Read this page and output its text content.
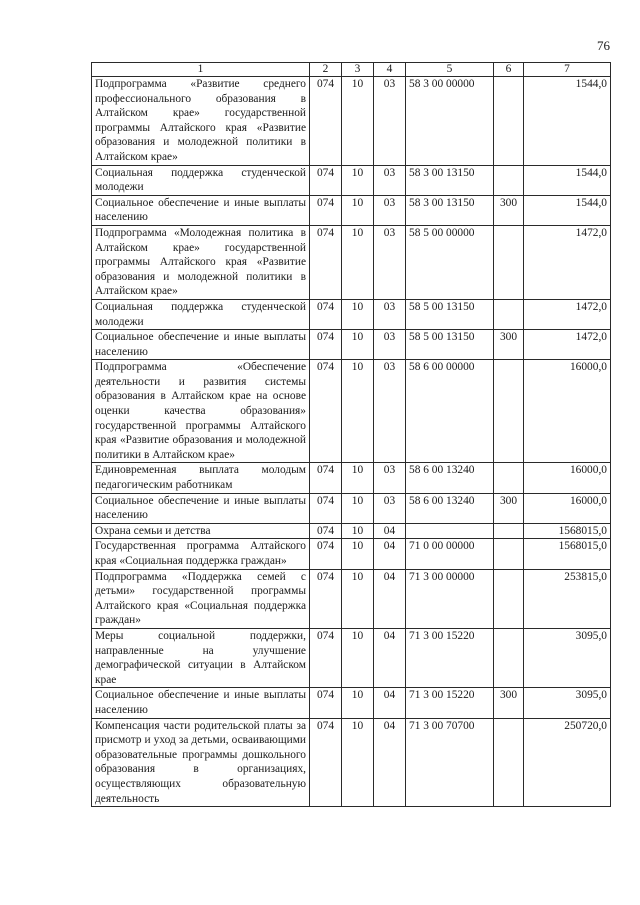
76
1	2	3	4	5	6	7
Подпрограмма «Развитие среднего профессионального образования в Алтайском крае» государственной программы Алтайского края «Развитие образования и молодежной политики в Алтайском крае»	074	10	03	58 3 00 00000		1544,0
Социальная поддержка студенческой молодежи	074	10	03	58 3 00 13150		1544,0
Социальное обеспечение и иные выплаты населению	074	10	03	58 3 00 13150	300	1544,0
Подпрограмма «Молодежная политика в Алтайском крае» государственной программы Алтайского края «Развитие образования и молодежной политики в Алтайском крае»	074	10	03	58 5 00 00000		1472,0
Социальная поддержка студенческой молодежи	074	10	03	58 5 00 13150		1472,0
Социальное обеспечение и иные выплаты населению	074	10	03	58 5 00 13150	300	1472,0
Подпрограмма «Обеспечение деятельности и развития системы образования в Алтайском крае на основе оценки качества образования» государственной программы Алтайского края «Развитие образования и молодежной политики в Алтайском крае»	074	10	03	58 6 00 00000		16000,0
Единовременная выплата молодым педагогическим работникам	074	10	03	58 6 00 13240		16000,0
Социальное обеспечение и иные выплаты населению	074	10	03	58 6 00 13240	300	16000,0
Охрана семьи и детства	074	10	04			1568015,0
Государственная программа Алтайского края «Социальная поддержка граждан»	074	10	04	71 0 00 00000		1568015,0
Подпрограмма «Поддержка семей с детьми» государственной программы Алтайского края «Социальная поддержка граждан»	074	10	04	71 3 00 00000		253815,0
Меры социальной поддержки, направленные на улучшение демографической ситуации в Алтайском крае	074	10	04	71 3 00 15220		3095,0
Социальное обеспечение и иные выплаты населению	074	10	04	71 3 00 15220	300	3095,0
Компенсация части родительской платы за присмотр и уход за детьми, осваивающими образовательные программы дошкольного образования в организациях, осуществляющих образовательную деятельность	074	10	04	71 3 00 70700		250720,0
